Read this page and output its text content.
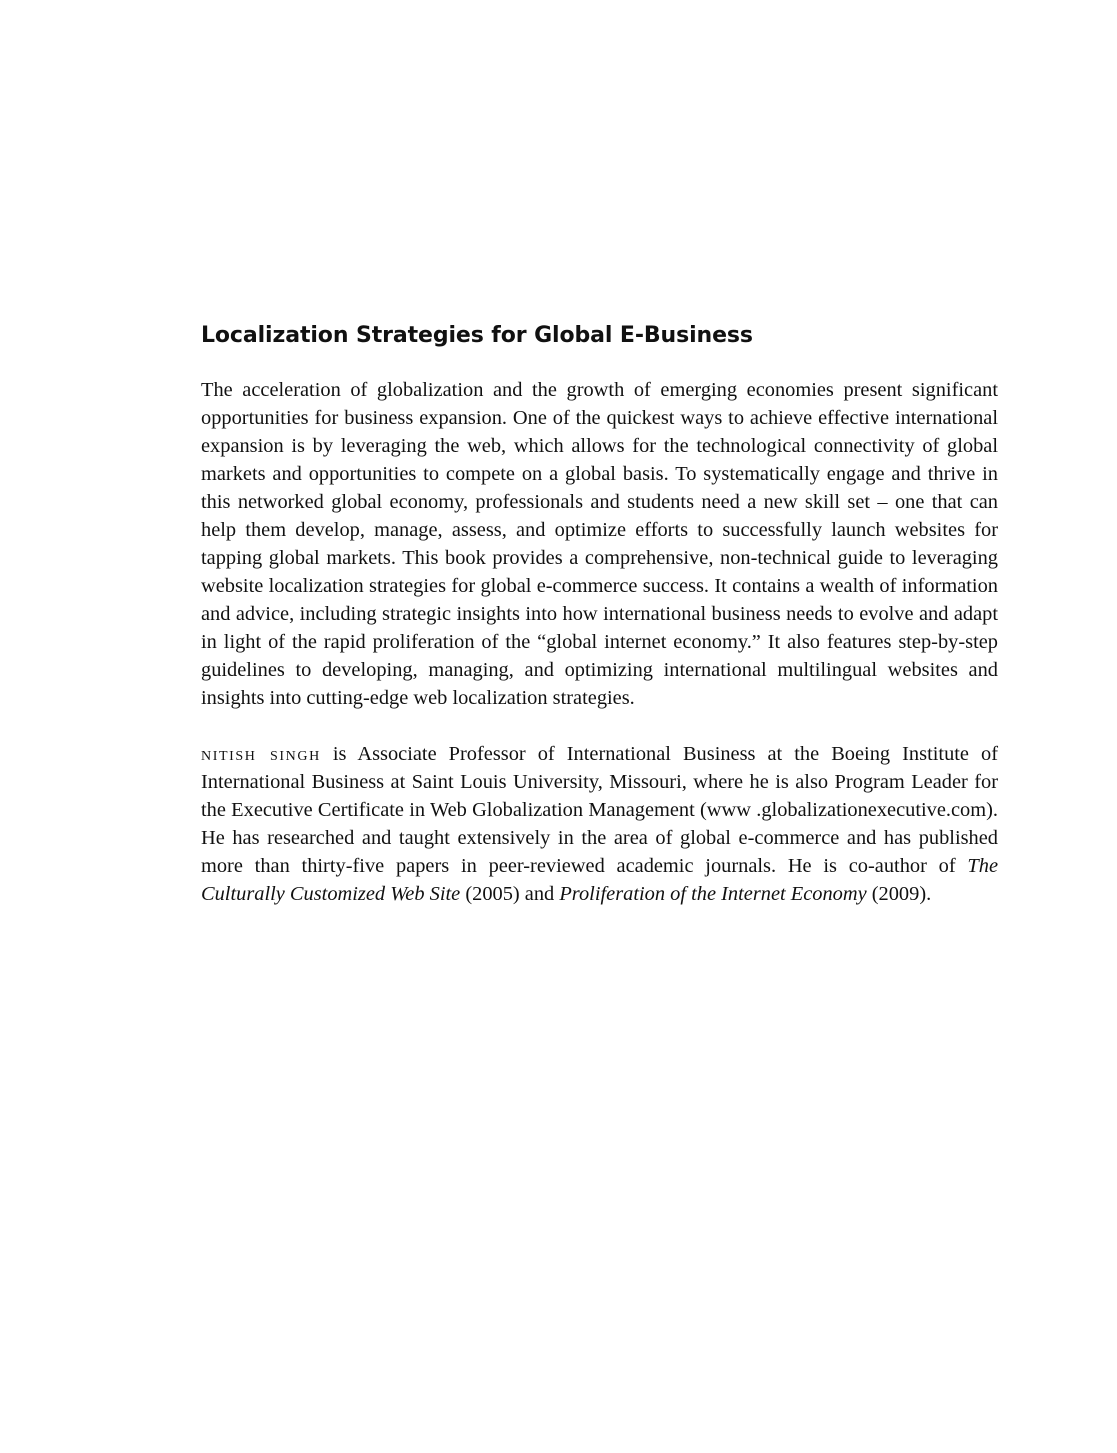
Localization Strategies for Global E-Business

The acceleration of globalization and the growth of emerging economies present significant opportunities for business expansion. One of the quickest ways to achieve effective international expansion is by leveraging the web, which allows for the technological connectivity of global markets and opportunities to compete on a global basis. To systematically engage and thrive in this networked global economy, professionals and students need a new skill set – one that can help them develop, manage, assess, and optimize efforts to successfully launch websites for tapping global markets. This book provides a comprehensive, non-technical guide to leveraging website localization strategies for global e-commerce success. It contains a wealth of information and advice, including strategic insights into how international business needs to evolve and adapt in light of the rapid proliferation of the “global internet economy.” It also features step-by-step guidelines to developing, managing, and optimizing international multilingual websites and insights into cutting-edge web localization strategies.

nitish singh is Associate Professor of International Business at the Boeing Institute of International Business at Saint Louis University, Missouri, where he is also Program Leader for the Executive Certificate in Web Globalization Management (www .globalizationexecutive.com). He has researched and taught extensively in the area of global e-commerce and has published more than thirty-five papers in peer-reviewed academic journals. He is co-author of The Culturally Customized Web Site (2005) and Proliferation of the Internet Economy (2009).
